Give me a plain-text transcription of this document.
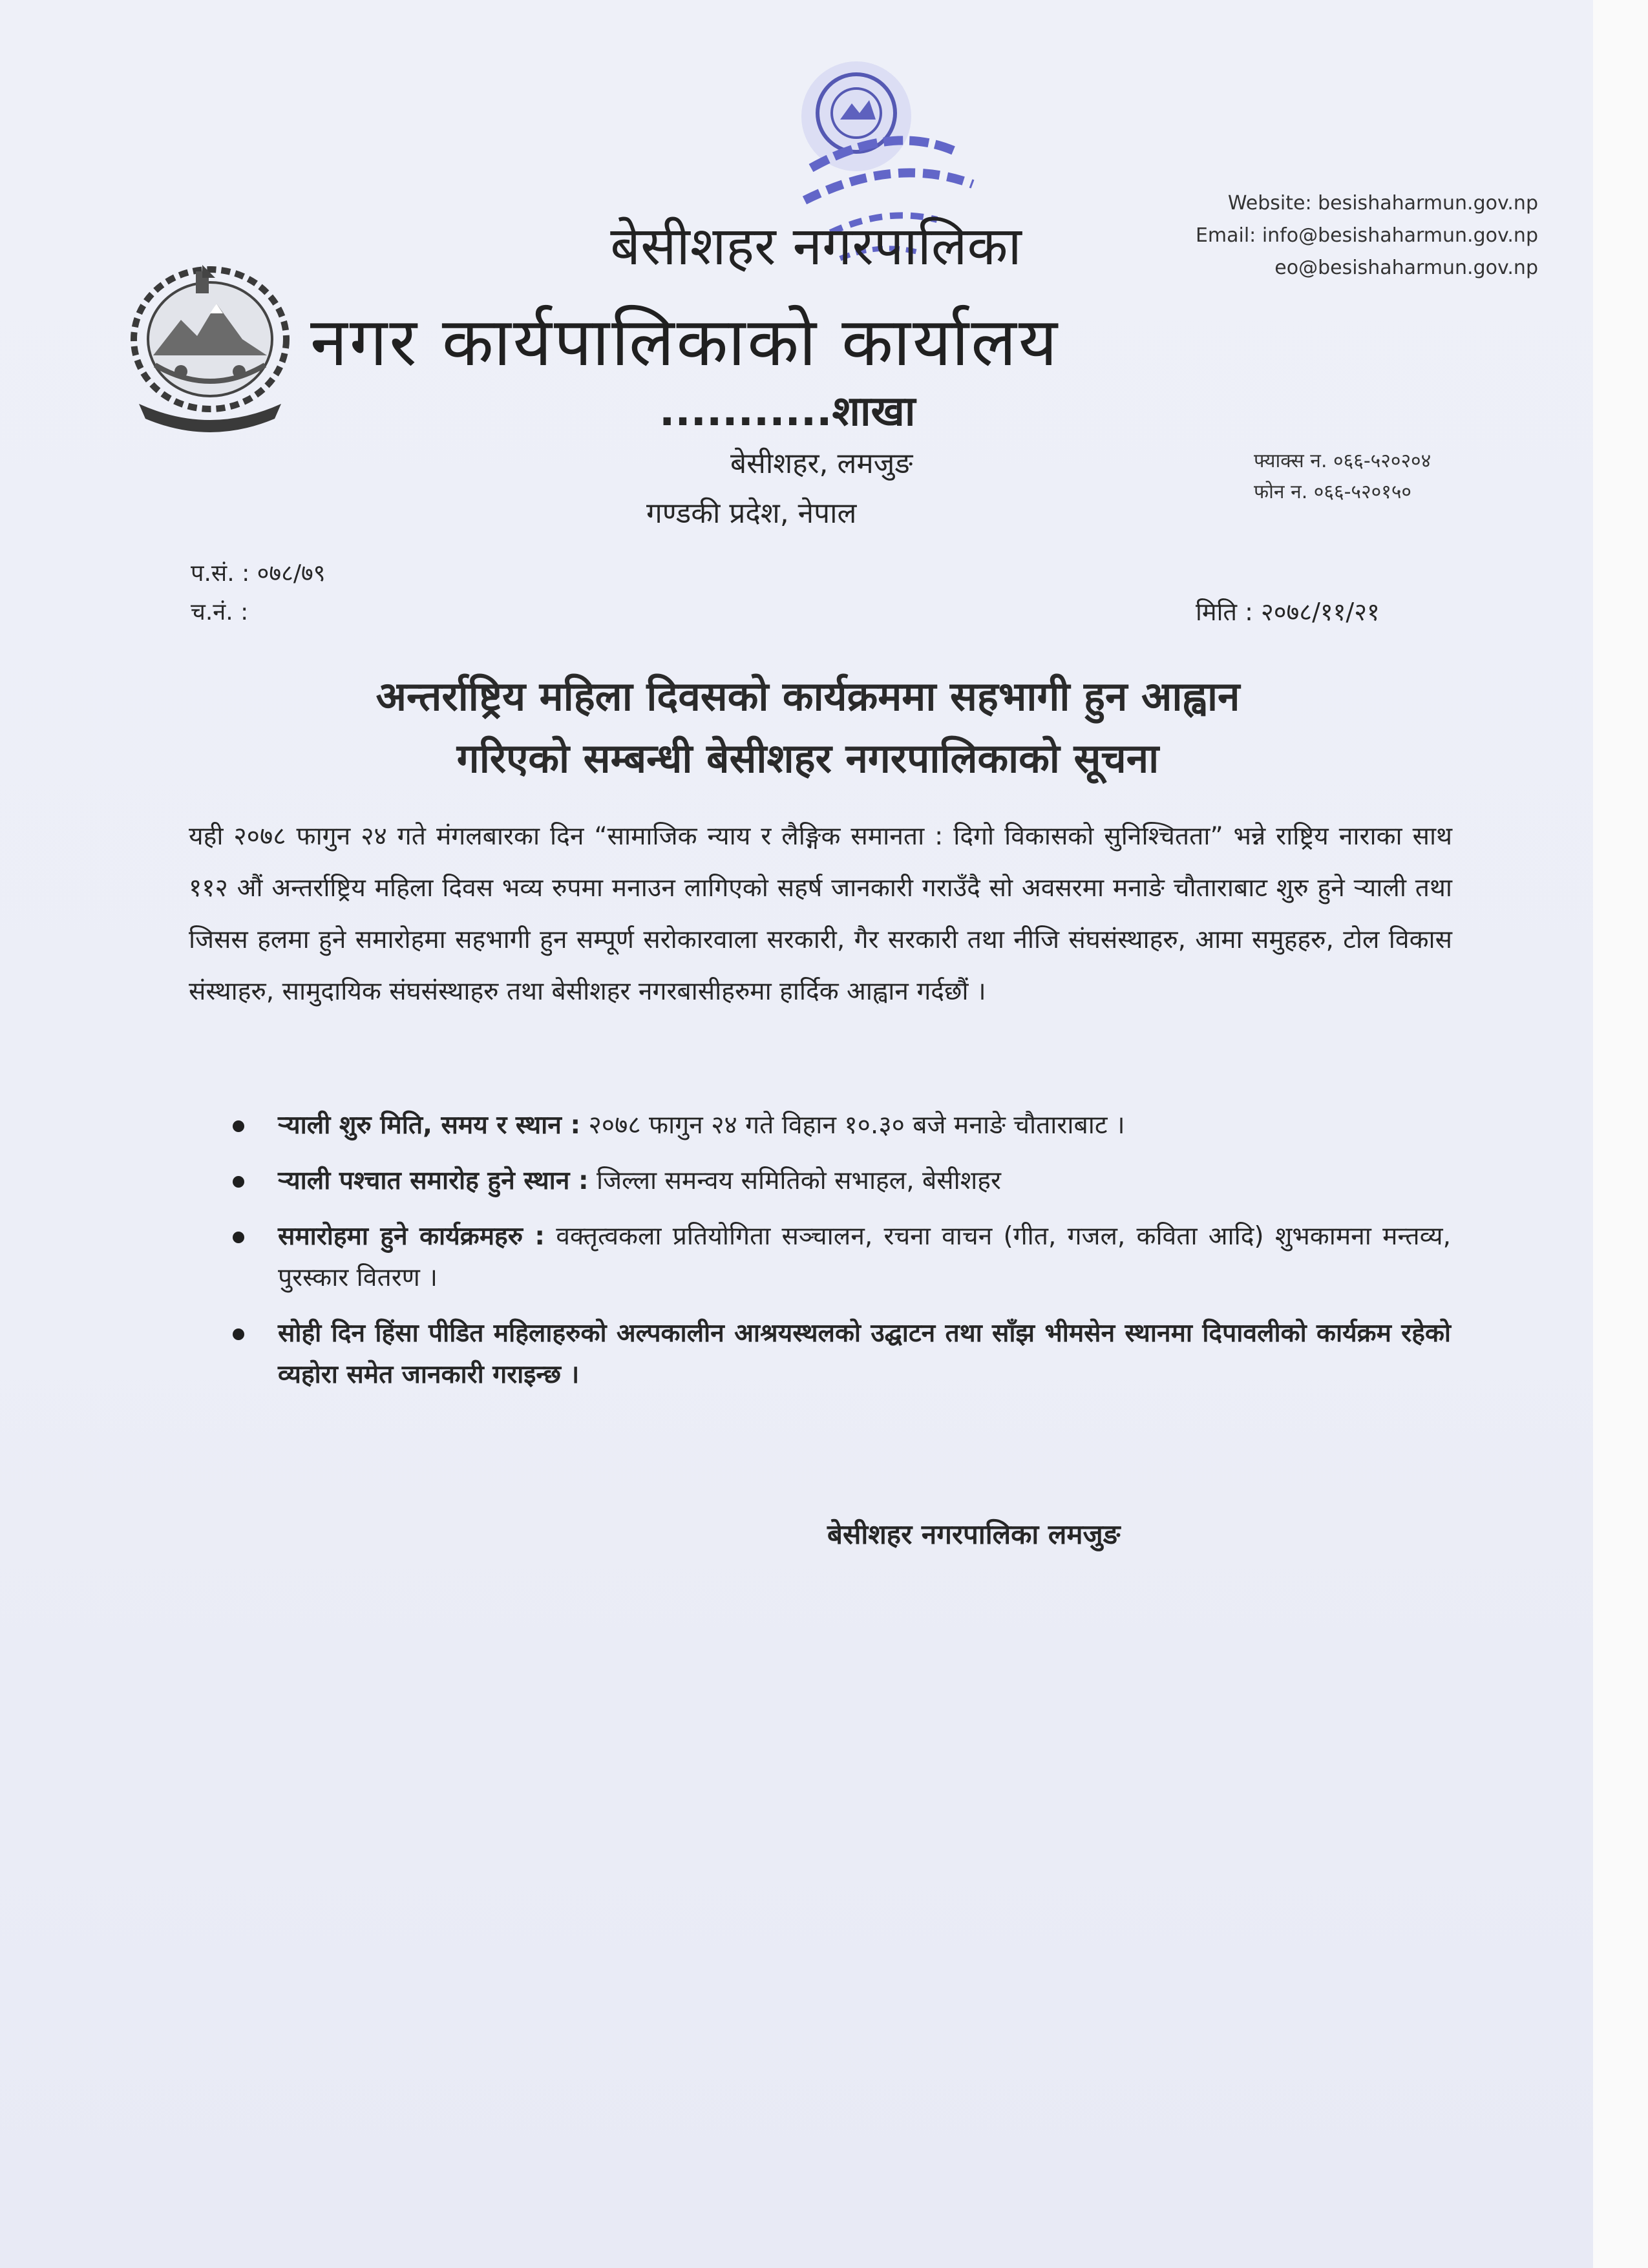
बेसीशहर नगरपालिका
नगर कार्यपालिकाको कार्यालय
...........शाखा
बेसीशहर, लमजुङ
गण्डकी प्रदेश, नेपाल
Website: besishaharmun.gov.np
Email: info@besishaharmun.gov.np
eo@besishaharmun.gov.np
फ्याक्स न. ०६६-५२०२०४
फोन न. ०६६-५२०१५०
प.सं. : ०७८/७९
च.नं. :	मिति : २०७८/११/२१
अन्तर्राष्ट्रिय महिला दिवसको कार्यक्रममा सहभागी हुन आह्वान
गरिएको सम्बन्धी बेसीशहर नगरपालिकाको सूचना
यही २०७८ फागुन २४ गते मंगलबारका दिन “सामाजिक न्याय र लैङ्गिक समानता : दिगो विकासको सुनिश्चितता” भन्ने राष्ट्रिय नाराका साथ ११२ औं अन्तर्राष्ट्रिय महिला दिवस भव्य रुपमा मनाउन लागिएको सहर्ष जानकारी गराउँदै सो अवसरमा मनाङे चौताराबाट शुरु हुने र्‍याली तथा जिसस हलमा हुने समारोहमा सहभागी हुन सम्पूर्ण सरोकारवाला सरकारी, गैर सरकारी तथा नीजि संघसंस्थाहरु, आमा समुहहरु, टोल विकास संस्थाहरु, सामुदायिक संघसंस्थाहरु तथा बेसीशहर नगरबासीहरुमा हार्दिक आह्वान गर्दछौं ।
र्‍याली शुरु मिति, समय र स्थान : २०७८ फागुन २४ गते विहान १०.३० बजे मनाङे चौताराबाट ।
र्‍याली पश्चात समारोह हुने स्थान : जिल्ला समन्वय समितिको सभाहल, बेसीशहर
समारोहमा हुने कार्यक्रमहरु : वक्तृत्वकला प्रतियोगिता सञ्चालन, रचना वाचन (गीत, गजल, कविता आदि) शुभकामना मन्तव्य, पुरस्कार वितरण ।
सोही दिन हिंसा पीडित महिलाहरुको अल्पकालीन आश्रयस्थलको उद्घाटन तथा साँझ भीमसेन स्थानमा दिपावलीको कार्यक्रम रहेको व्यहोरा समेत जानकारी गराइन्छ ।
बेसीशहर नगरपालिका लमजुङ
